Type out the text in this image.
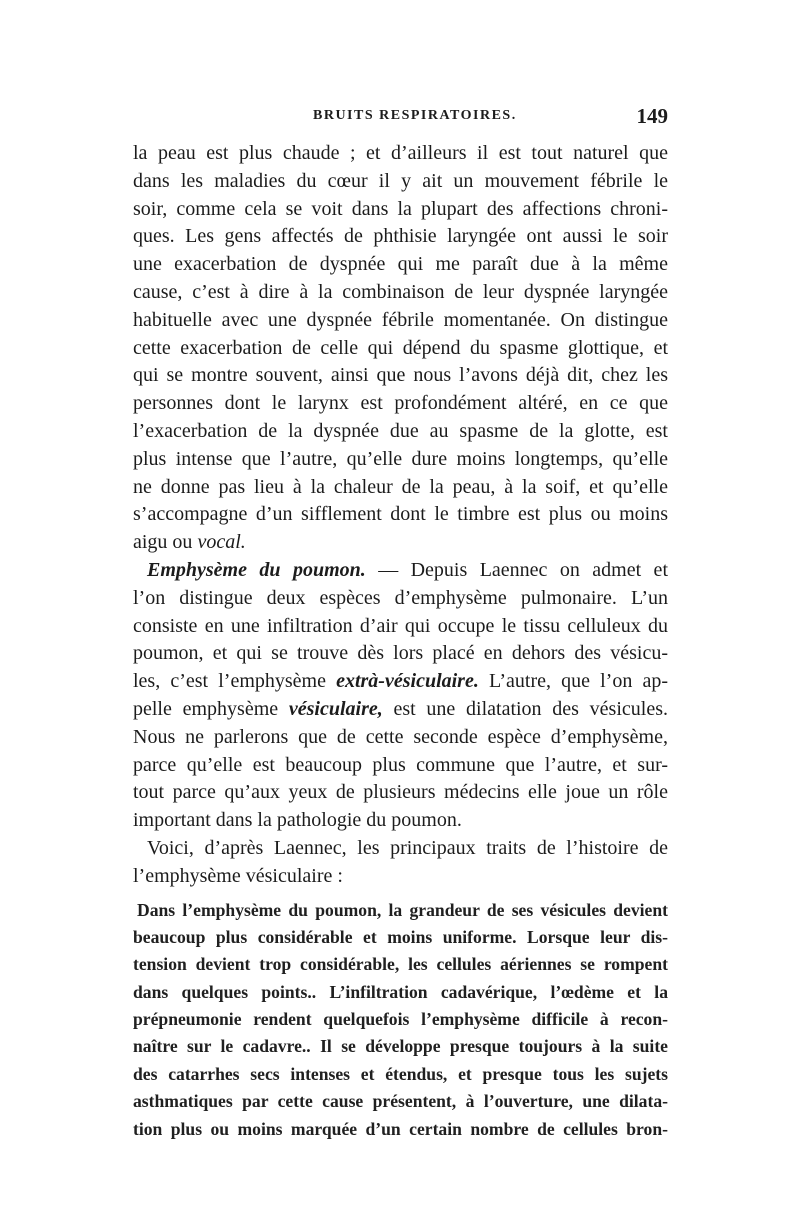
BRUITS RESPIRATOIRES.	149
la peau est plus chaude ; et d’ailleurs il est tout naturel que
dans les maladies du cœur il y ait un mouvement fébrile le
soir, comme cela se voit dans la plupart des affections chroni-
ques. Les gens affectés de phthisie laryngée ont aussi le soir
une exacerbation de dyspnée qui me paraît due à la même
cause, c’est à dire à la combinaison de leur dyspnée laryngée
habituelle avec une dyspnée fébrile momentanée. On distingue
cette exacerbation de celle qui dépend du spasme glottique, et
qui se montre souvent, ainsi que nous l’avons déjà dit, chez les
personnes dont le larynx est profondément altéré, en ce que
l’exacerbation de la dyspnée due au spasme de la glotte, est
plus intense que l’autre, qu’elle dure moins longtemps, qu’elle
ne donne pas lieu à la chaleur de la peau, à la soif, et qu’elle
s’accompagne d’un sifflement dont le timbre est plus ou moins
aigu ou vocal.
Emphysème du poumon. — Depuis Laennec on admet et
l’on distingue deux espèces d’emphysème pulmonaire. L’un
consiste en une infiltration d’air qui occupe le tissu celluleux du
poumon, et qui se trouve dès lors placé en dehors des vésicu-
les, c’est l’emphysème extrà-vésiculaire. L’autre, que l’on ap-
pelle emphysème vésiculaire, est une dilatation des vésicules.
Nous ne parlerons que de cette seconde espèce d’emphysème,
parce qu’elle est beaucoup plus commune que l’autre, et sur-
tout parce qu’aux yeux de plusieurs médecins elle joue un rôle
important dans la pathologie du poumon.
Voici, d’après Laennec, les principaux traits de l’histoire de
l’emphysème vésiculaire :
Dans l’emphysème du poumon, la grandeur de ses vésicules devient
beaucoup plus considérable et moins uniforme. Lorsque leur dis-
tension devient trop considérable, les cellules aériennes se rompent
dans quelques points.. L’infiltration cadavérique, l’œdème et la
prépneumonie rendent quelquefois l’emphysème difficile à recon-
naître sur le cadavre.. Il se développe presque toujours à la suite
des catarrhes secs intenses et étendus, et presque tous les sujets
asthmatiques par cette cause présentent, à l’ouverture, une dilata-
tion plus ou moins marquée d’un certain nombre de cellules bron-
